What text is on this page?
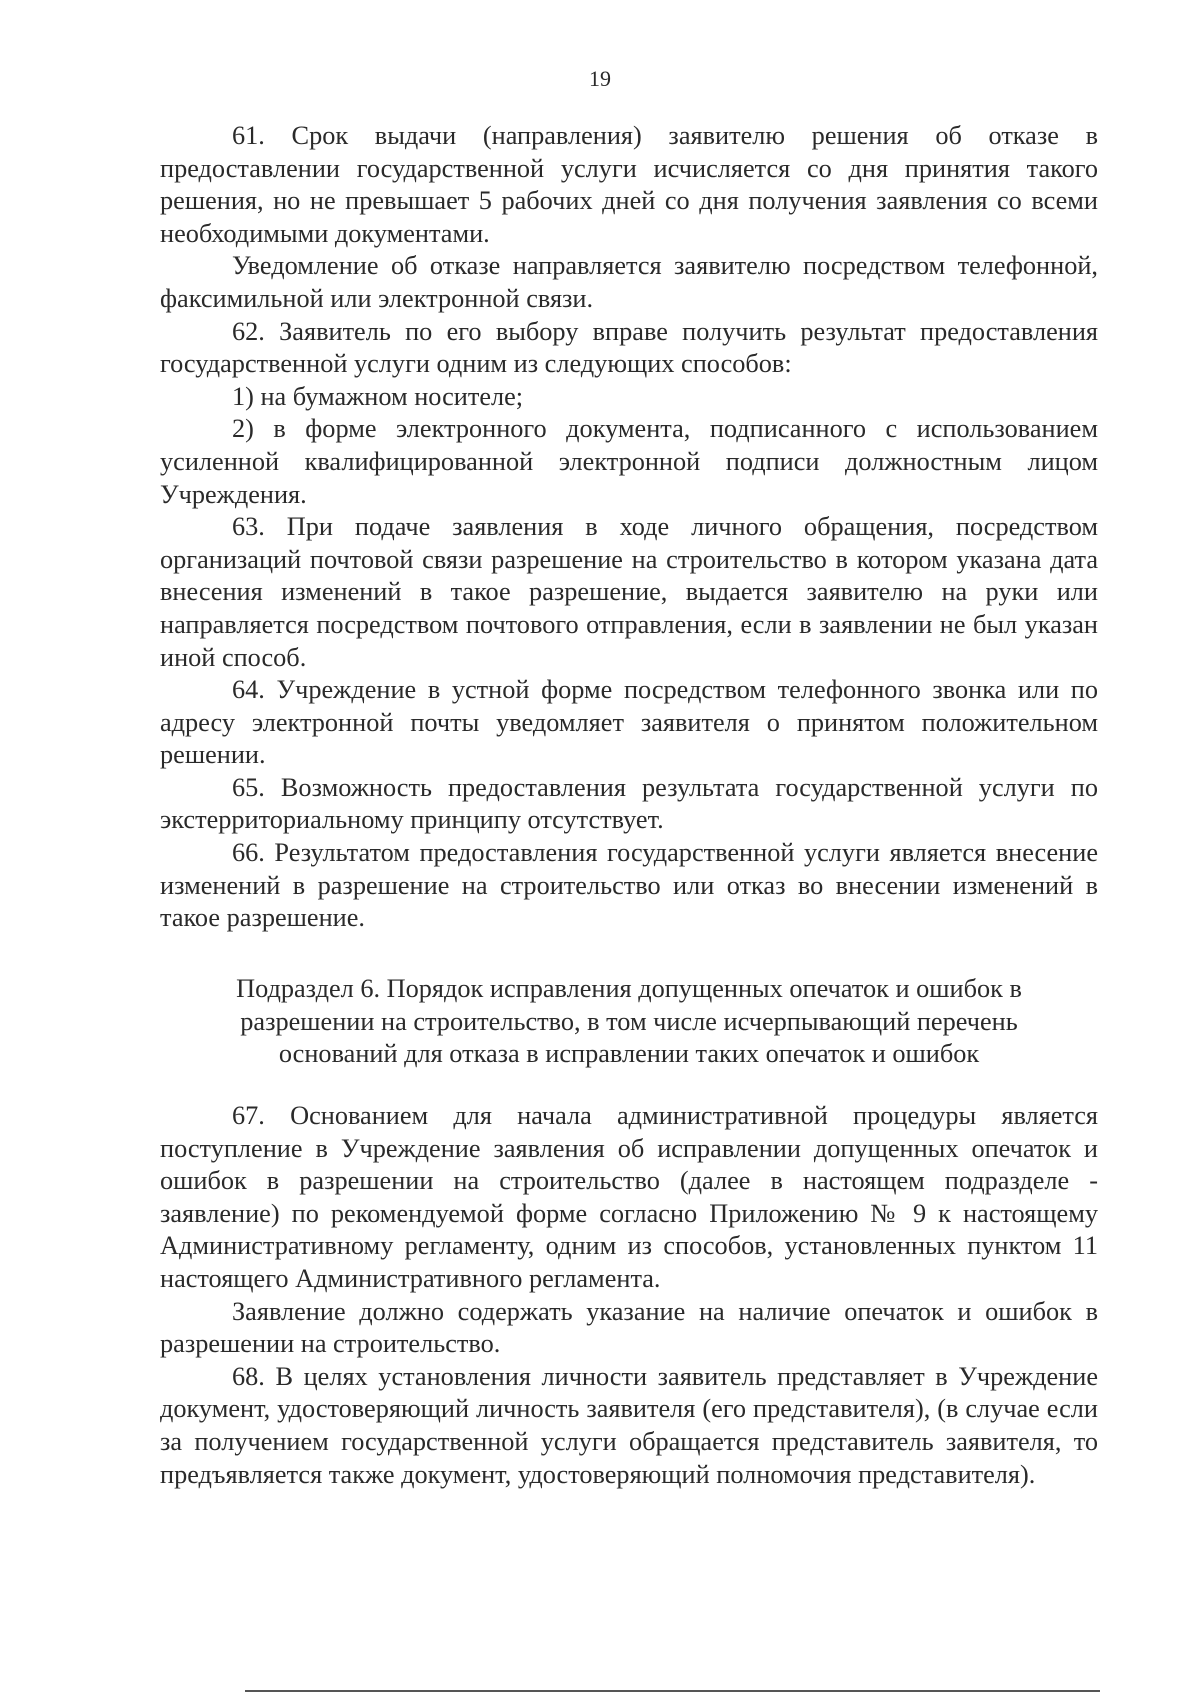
19

61. Срок выдачи (направления) заявителю решения об отказе в предоставлении государственной услуги исчисляется со дня принятия такого решения, но не превышает 5 рабочих дней со дня получения заявления со всеми необходимыми документами.

Уведомление об отказе направляется заявителю посредством телефонной, факсимильной или электронной связи.

62. Заявитель по его выбору вправе получить результат предоставления государственной услуги одним из следующих способов:

1) на бумажном носителе;

2) в форме электронного документа, подписанного с использованием усиленной квалифицированной электронной подписи должностным лицом Учреждения.

63. При подаче заявления в ходе личного обращения, посредством организаций почтовой связи разрешение на строительство в котором указана дата внесения изменений в такое разрешение, выдается заявителю на руки или направляется посредством почтового отправления, если в заявлении не был указан иной способ.

64. Учреждение в устной форме посредством телефонного звонка или по адресу электронной почты уведомляет заявителя о принятом положительном решении.

65. Возможность предоставления результата государственной услуги по экстерриториальному принципу отсутствует.

66. Результатом предоставления государственной услуги является внесение изменений в разрешение на строительство или отказ во внесении изменений в такое разрешение.

Подраздел 6. Порядок исправления допущенных опечаток и ошибок в
разрешении на строительство, в том числе исчерпывающий перечень
оснований для отказа в исправлении таких опечаток и ошибок

67. Основанием для начала административной процедуры является поступление в Учреждение заявления об исправлении допущенных опечаток и ошибок в разрешении на строительство (далее в настоящем подразделе - заявление) по рекомендуемой форме согласно Приложению № 9 к настоящему Административному регламенту, одним из способов, установленных пунктом 11 настоящего Административного регламента.

Заявление должно содержать указание на наличие опечаток и ошибок в разрешении на строительство.

68. В целях установления личности заявитель представляет в Учреждение документ, удостоверяющий личность заявителя (его представителя), (в случае если за получением государственной услуги обращается представитель заявителя, то предъявляется также документ, удостоверяющий полномочия представителя).
